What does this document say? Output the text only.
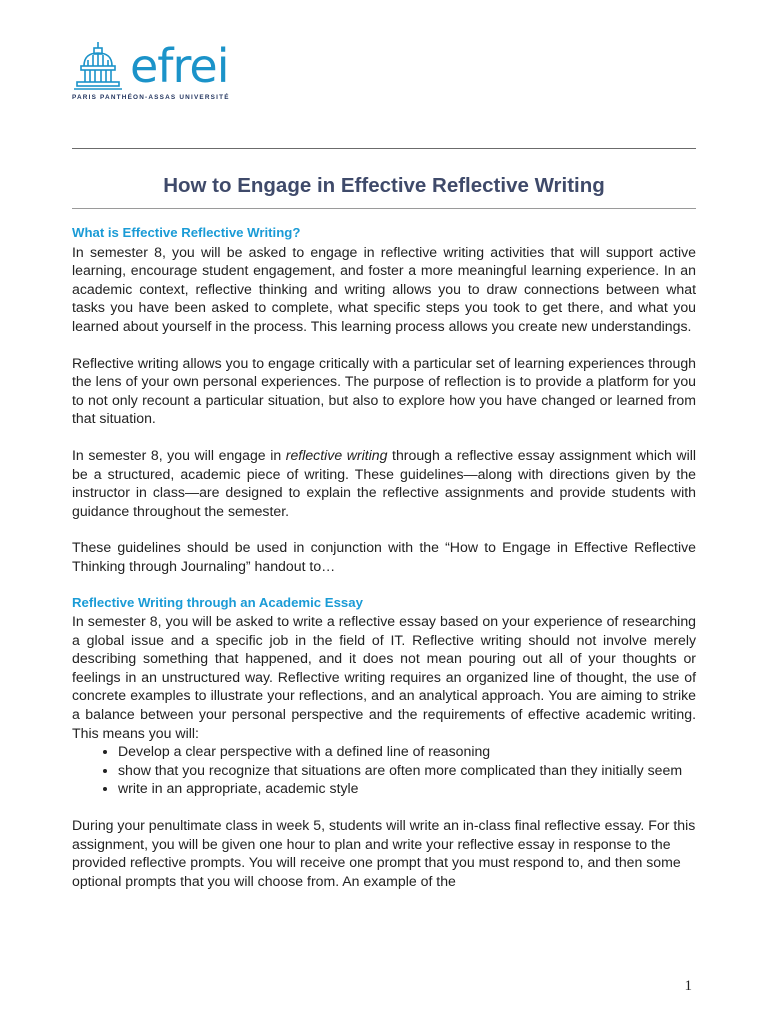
efrei
PARIS PANTHÉON-ASSAS UNIVERSITÉ
How to Engage in Effective Reflective Writing
What is Effective Reflective Writing?

In semester 8, you will be asked to engage in reflective writing activities that will support active learning, encourage student engagement, and foster a more meaningful learning experience. In an academic context, reflective thinking and writing allows you to draw connections between what tasks you have been asked to complete, what specific steps you took to get there, and what you learned about yourself in the process. This learning process allows you create new understandings.

Reflective writing allows you to engage critically with a particular set of learning experiences through the lens of your own personal experiences. The purpose of reflection is to provide a platform for you to not only recount a particular situation, but also to explore how you have changed or learned from that situation.

In semester 8, you will engage in reflective writing through a reflective essay assignment which will be a structured, academic piece of writing. These guidelines—along with directions given by the instructor in class—are designed to explain the reflective assignments and provide students with guidance throughout the semester.

These guidelines should be used in conjunction with the “How to Engage in Effective Reflective Thinking through Journaling” handout to…

Reflective Writing through an Academic Essay

In semester 8, you will be asked to write a reflective essay based on your experience of researching a global issue and a specific job in the field of IT. Reflective writing should not involve merely describing something that happened, and it does not mean pouring out all of your thoughts or feelings in an unstructured way. Reflective writing requires an organized line of thought, the use of concrete examples to illustrate your reflections, and an analytical approach. You are aiming to strike a balance between your personal perspective and the requirements of effective academic writing. This means you will:

• Develop a clear perspective with a defined line of reasoning
• show that you recognize that situations are often more complicated than they initially seem
• write in an appropriate, academic style

During your penultimate class in week 5, students will write an in-class final reflective essay. For this assignment, you will be given one hour to plan and write your reflective essay in response to the provided reflective prompts. You will receive one prompt that you must respond to, and then some optional prompts that you will choose from. An example of the

1
